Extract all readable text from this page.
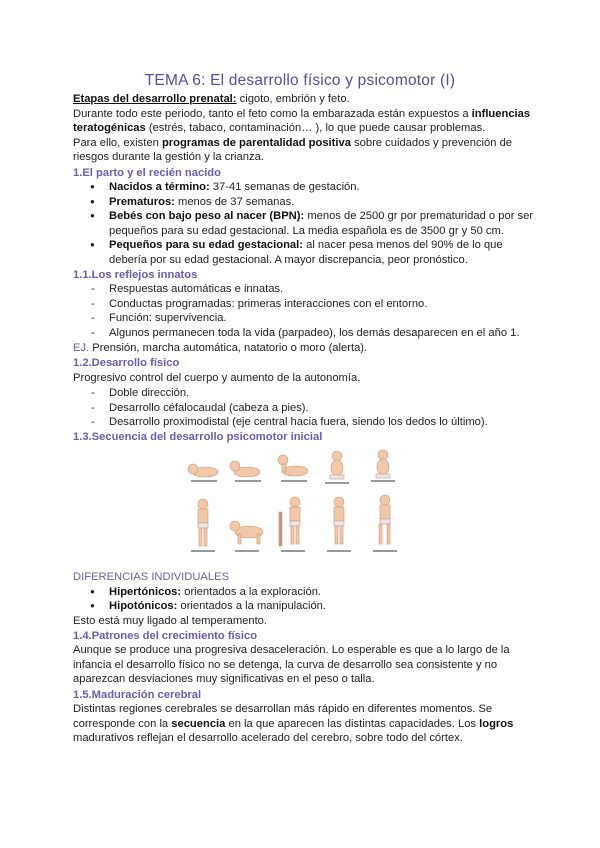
TEMA 6: El desarrollo físico y psicomotor (I)

Etapas del desarrollo prenatal: cigoto, embrión y feto.

Durante todo este periodo, tanto el feto como la embarazada están expuestos a influencias teratogénicas (estrés, tabaco, contaminación… ), lo que puede causar problemas.

Para ello, existen programas de parentalidad positiva sobre cuidados y prevención de riesgos durante la gestión y la crianza.

1.El parto y el recién nacido

● Nacidos a término: 37-41 semanas de gestación.
● Prematuros: menos de 37 semanas.
● Bebés con bajo peso al nacer (BPN): menos de 2500 gr por prematuridad o por ser pequeños para su edad gestacional. La media española es de 3500 gr y 50 cm.
● Pequeños para su edad gestacional: al nacer pesa menos del 90% de lo que debería por su edad gestacional. A mayor discrepancia, peor pronóstico.

1.1.Los reflejos innatos

- Respuestas automáticas e innatas.
- Conductas programadas: primeras interacciones con el entorno.
- Función: supervivencia.
- Algunos permanecen toda la vida (parpadeo), los demás desaparecen en el año 1.

EJ. Prensión, marcha automática, natatorio o moro (alerta).

1.2.Desarrollo físico

Progresivo control del cuerpo y aumento de la autonomía.

- Doble dirección.
- Desarrollo céfalocaudal (cabeza a pies).
- Desarrollo proximodistal (eje central hacia fuera, siendo los dedos lo último).

1.3.Secuencia del desarrollo psicomotor inicial

DIFERENCIAS INDIVIDUALES

● Hipertónicos: orientados a la exploración.
● Hipotónicos: orientados a la manipulación.

Esto está muy ligado al temperamento.

1.4.Patrones del crecimiento físico

Aunque se produce una progresiva desaceleración. Lo esperable es que a lo largo de la infancia el desarrollo físico no se detenga, la curva de desarrollo sea consistente y no aparezcan desviaciones muy significativas en el peso o talla.

1.5.Maduración cerebral

Distintas regiones cerebrales se desarrollan más rápido en diferentes momentos. Se corresponde con la secuencia en la que aparecen las distintas capacidades. Los logros madurativos reflejan el desarrollo acelerado del cerebro, sobre todo del córtex.
